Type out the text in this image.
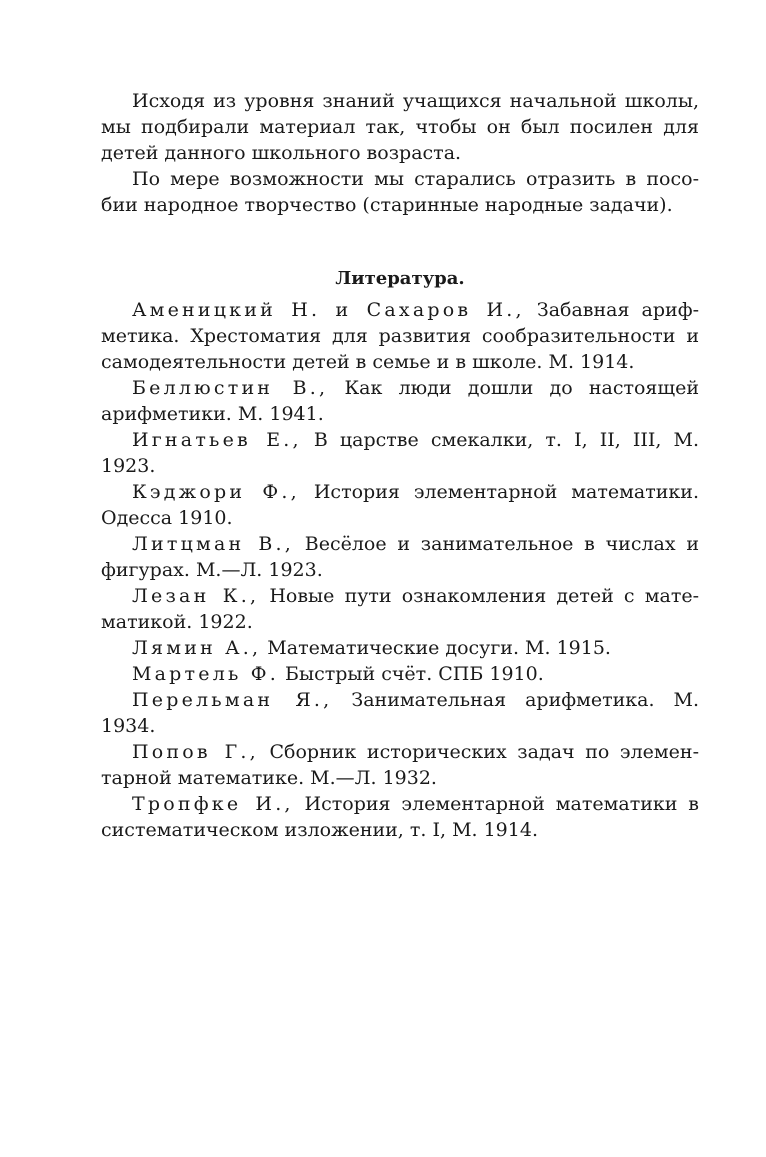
Исходя из уровня знаний учащихся начальной школы, мы подбирали материал так, чтобы он был посилен для детей данного школьного возраста.

По мере возможности мы старались отразить в пособии народное творчество (старинные народные задачи).

Литература.
Аменицкий Н. и Сахаров И., Забавная арифметика. Хрестоматия для развития сообразительности и самодеятельности детей в семье и в школе. М. 1914.
Беллюстин В., Как люди дошли до настоящей арифметики. М. 1941.
Игнатьев Е., В царстве смекалки, т. I, II, III, М. 1923.
Кэджори Ф., История элементарной математики. Одесса 1910.
Литцман В., Весёлое и занимательное в числах и фигурах. М.—Л. 1923.
Лезан К., Новые пути ознакомления детей с математикой. 1922.
Лямин А., Математические досуги. М. 1915.
Мартель Ф. Быстрый счёт. СПБ 1910.
Перельман Я., Занимательная арифметика. М. 1934.
Попов Г., Сборник исторических задач по элементарной математике. М.—Л. 1932.
Тропфке И., История элементарной математики в систематическом изложении, т. I, М. 1914.
